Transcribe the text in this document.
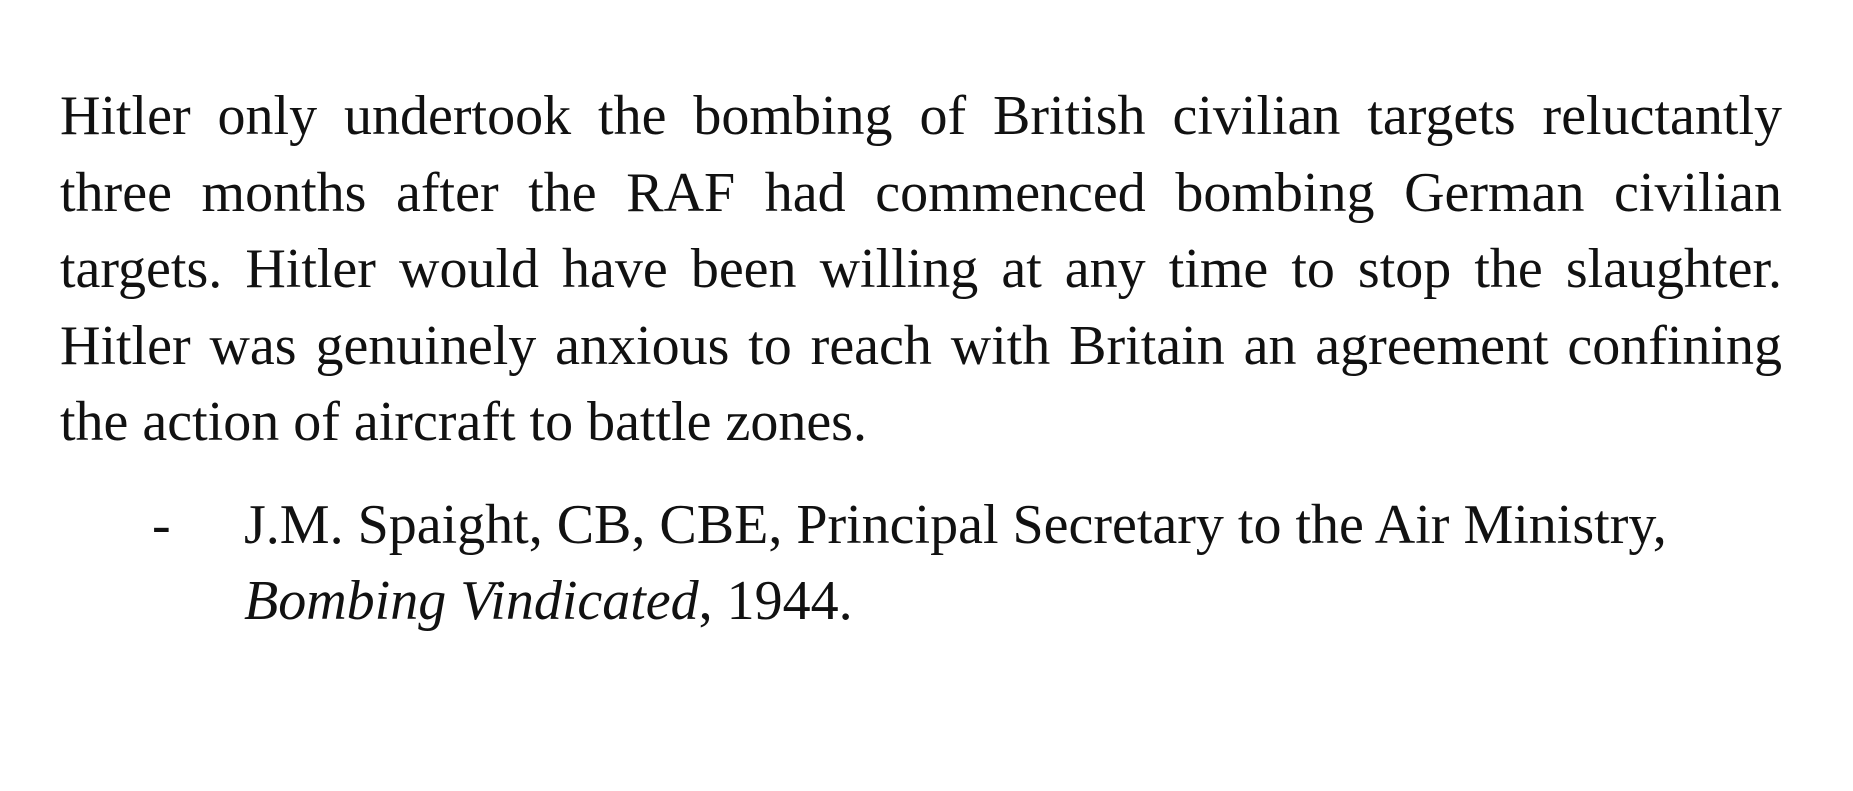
Hitler only undertook the bombing of British civilian targets reluctantly three months after the RAF had commenced bombing German civilian targets. Hitler would have been willing at any time to stop the slaughter. Hitler was genuinely anxious to reach with Britain an agreement confining the action of aircraft to battle zones.

- J.M. Spaight, CB, CBE, Principal Secretary to the Air Ministry, Bombing Vindicated, 1944.
